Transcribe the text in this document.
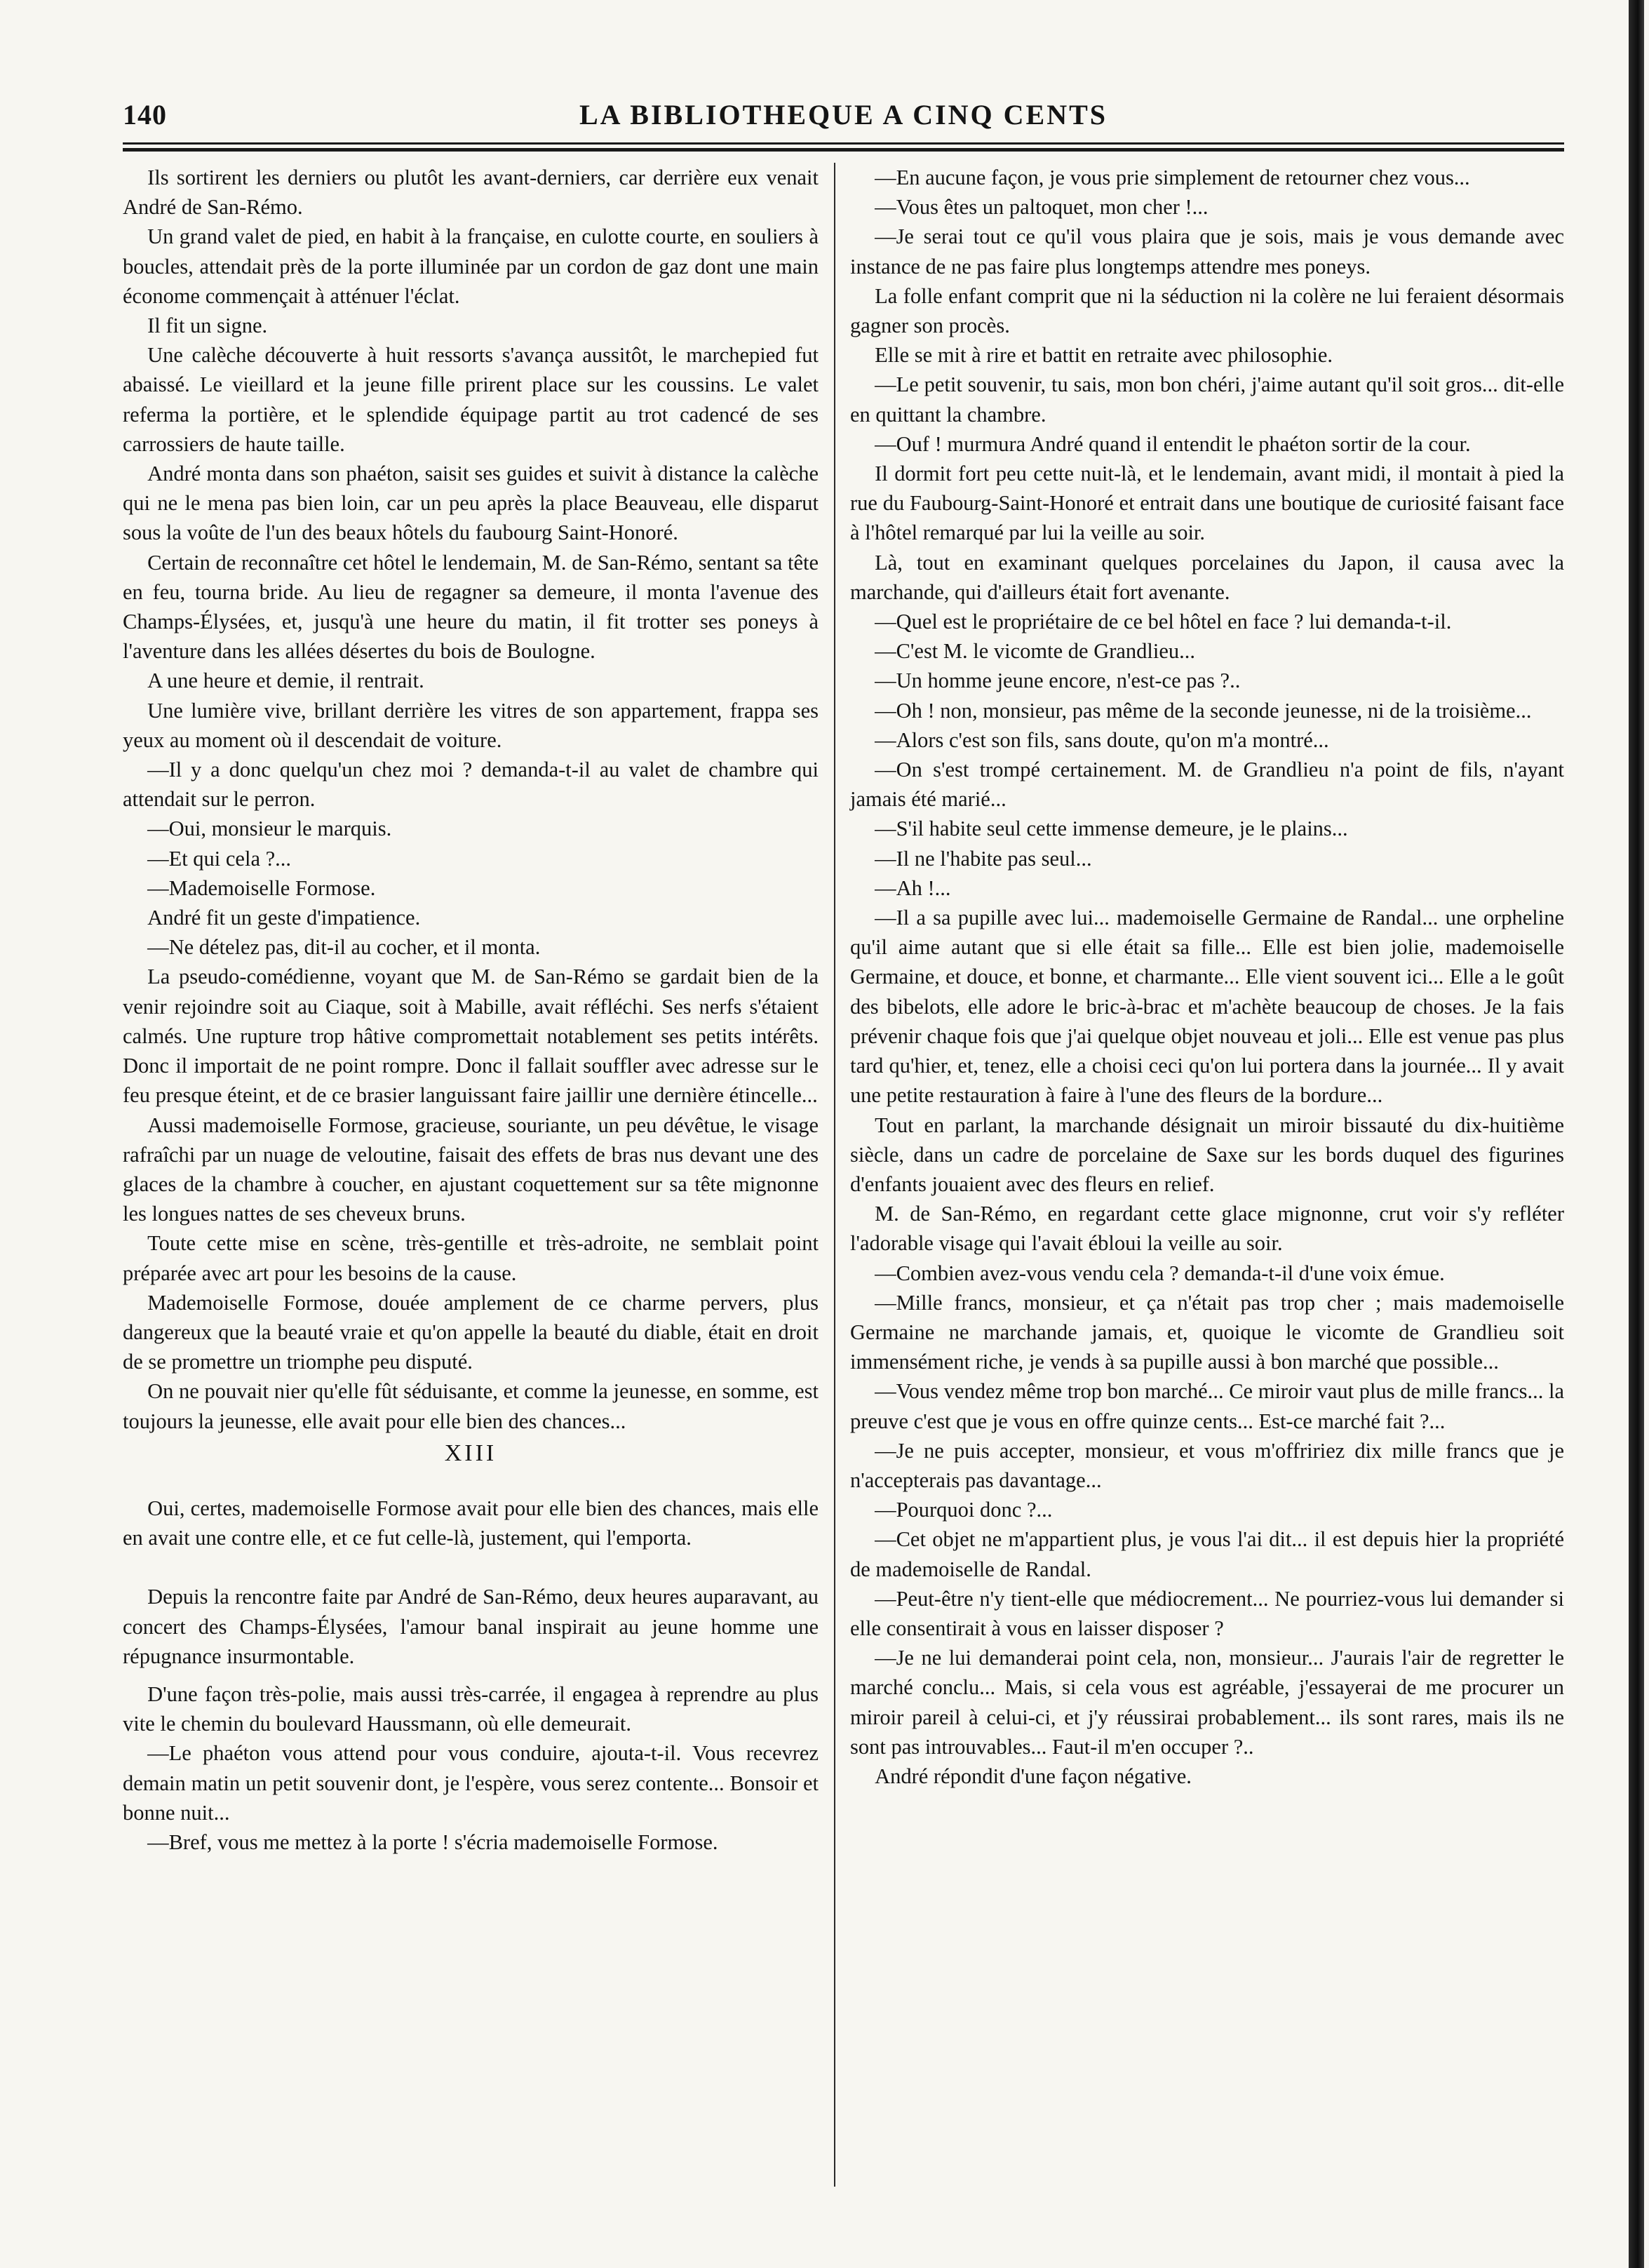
140	LA BIBLIOTHEQUE A CINQ CENTS

Ils sortirent les derniers ou plutôt les avant-derniers, car derrière eux venait André de San-Rémo.

Un grand valet de pied, en habit à la française, en culotte courte, en souliers à boucles, attendait près de la porte illuminée par un cordon de gaz dont une main économe commençait à atténuer l'éclat.

Il fit un signe.

Une calèche découverte à huit ressorts s'avança aussitôt, le marchepied fut abaissé. Le vieillard et la jeune fille prirent place sur les coussins. Le valet referma la portière, et le splendide équipage partit au trot cadencé de ses carrossiers de haute taille.

André monta dans son phaéton, saisit ses guides et suivit à distance la calèche qui ne le mena pas bien loin, car un peu après la place Beauveau, elle disparut sous la voûte de l'un des beaux hôtels du faubourg Saint-Honoré.

Certain de reconnaître cet hôtel le lendemain, M. de San-Rémo, sentant sa tête en feu, tourna bride. Au lieu de regagner sa demeure, il monta l'avenue des Champs-Élysées, et, jusqu'à une heure du matin, il fit trotter ses poneys à l'aventure dans les allées désertes du bois de Boulogne.

A une heure et demie, il rentrait.

Une lumière vive, brillant derrière les vitres de son appartement, frappa ses yeux au moment où il descendait de voiture.

—Il y a donc quelqu'un chez moi ? demanda-t-il au valet de chambre qui attendait sur le perron.

—Oui, monsieur le marquis.

—Et qui cela ?...

—Mademoiselle Formose.

André fit un geste d'impatience.

—Ne dételez pas, dit-il au cocher, et il monta.

La pseudo-comédienne, voyant que M. de San-Rémo se gardait bien de la venir rejoindre soit au Ciaque, soit à Mabille, avait réfléchi. Ses nerfs s'étaient calmés. Une rupture trop hâtive compromettait notablement ses petits intérêts. Donc il importait de ne point rompre. Donc il fallait souffler avec adresse sur le feu presque éteint, et de ce brasier languissant faire jaillir une dernière étincelle...

Aussi mademoiselle Formose, gracieuse, souriante, un peu dévêtue, le visage rafraîchi par un nuage de veloutine, faisait des effets de bras nus devant une des glaces de la chambre à coucher, en ajustant coquettement sur sa tête mignonne les longues nattes de ses cheveux bruns.

Toute cette mise en scène, très-gentille et très-adroite, ne semblait point préparée avec art pour les besoins de la cause.

Mademoiselle Formose, douée amplement de ce charme pervers, plus dangereux que la beauté vraie et qu'on appelle la beauté du diable, était en droit de se promettre un triomphe peu disputé.

On ne pouvait nier qu'elle fût séduisante, et comme la jeunesse, en somme, est toujours la jeunesse, elle avait pour elle bien des chances...

XIII

Oui, certes, mademoiselle Formose avait pour elle bien des chances, mais elle en avait une contre elle, et ce fut celle-là, justement, qui l'emporta.

Depuis la rencontre faite par André de San-Rémo, deux heures auparavant, au concert des Champs-Élysées, l'amour banal inspirait au jeune homme une répugnance insurmontable.

D'une façon très-polie, mais aussi très-carrée, il engagea à reprendre au plus vite le chemin du boulevard Haussmann, où elle demeurait.

—Le phaéton vous attend pour vous conduire, ajouta-t-il. Vous recevrez demain matin un petit souvenir dont, je l'espère, vous serez contente... Bonsoir et bonne nuit...

—Bref, vous me mettez à la porte ! s'écria mademoiselle Formose.

—En aucune façon, je vous prie simplement de retourner chez vous...

—Vous êtes un paltoquet, mon cher !...

—Je serai tout ce qu'il vous plaira que je sois, mais je vous demande avec instance de ne pas faire plus longtemps attendre mes poneys.

La folle enfant comprit que ni la séduction ni la colère ne lui feraient désormais gagner son procès.

Elle se mit à rire et battit en retraite avec philosophie.

—Le petit souvenir, tu sais, mon bon chéri, j'aime autant qu'il soit gros... dit-elle en quittant la chambre.

—Ouf ! murmura André quand il entendit le phaéton sortir de la cour.

Il dormit fort peu cette nuit-là, et le lendemain, avant midi, il montait à pied la rue du Faubourg-Saint-Honoré et entrait dans une boutique de curiosité faisant face à l'hôtel remarqué par lui la veille au soir.

Là, tout en examinant quelques porcelaines du Japon, il causa avec la marchande, qui d'ailleurs était fort avenante.

—Quel est le propriétaire de ce bel hôtel en face ? lui demanda-t-il.

—C'est M. le vicomte de Grandlieu...

—Un homme jeune encore, n'est-ce pas ?..

—Oh ! non, monsieur, pas même de la seconde jeunesse, ni de la troisième...

—Alors c'est son fils, sans doute, qu'on m'a montré...

—On s'est trompé certainement. M. de Grandlieu n'a point de fils, n'ayant jamais été marié...

—S'il habite seul cette immense demeure, je le plains...

—Il ne l'habite pas seul...

—Ah !...

—Il a sa pupille avec lui... mademoiselle Germaine de Randal... une orpheline qu'il aime autant que si elle était sa fille... Elle est bien jolie, mademoiselle Germaine, et douce, et bonne, et charmante... Elle vient souvent ici... Elle a le goût des bibelots, elle adore le bric-à-brac et m'achète beaucoup de choses. Je la fais prévenir chaque fois que j'ai quelque objet nouveau et joli... Elle est venue pas plus tard qu'hier, et, tenez, elle a choisi ceci qu'on lui portera dans la journée... Il y avait une petite restauration à faire à l'une des fleurs de la bordure...

Tout en parlant, la marchande désignait un miroir bissauté du dix-huitième siècle, dans un cadre de porcelaine de Saxe sur les bords duquel des figurines d'enfants jouaient avec des fleurs en relief.

M. de San-Rémo, en regardant cette glace mignonne, crut voir s'y refléter l'adorable visage qui l'avait ébloui la veille au soir.

—Combien avez-vous vendu cela ? demanda-t-il d'une voix émue.

—Mille francs, monsieur, et ça n'était pas trop cher ; mais mademoiselle Germaine ne marchande jamais, et, quoique le vicomte de Grandlieu soit immensément riche, je vends à sa pupille aussi à bon marché que possible...

—Vous vendez même trop bon marché... Ce miroir vaut plus de mille francs... la preuve c'est que je vous en offre quinze cents... Est-ce marché fait ?...

—Je ne puis accepter, monsieur, et vous m'offririez dix mille francs que je n'accepterais pas davantage...

—Pourquoi donc ?...

—Cet objet ne m'appartient plus, je vous l'ai dit... il est depuis hier la propriété de mademoiselle de Randal.

—Peut-être n'y tient-elle que médiocrement... Ne pourriez-vous lui demander si elle consentirait à vous en laisser disposer ?

—Je ne lui demanderai point cela, non, monsieur... J'aurais l'air de regretter le marché conclu... Mais, si cela vous est agréable, j'essayerai de me procurer un miroir pareil à celui-ci, et j'y réussirai probablement... ils sont rares, mais ils ne sont pas introuvables... Faut-il m'en occuper ?..

André répondit d'une façon négative.
